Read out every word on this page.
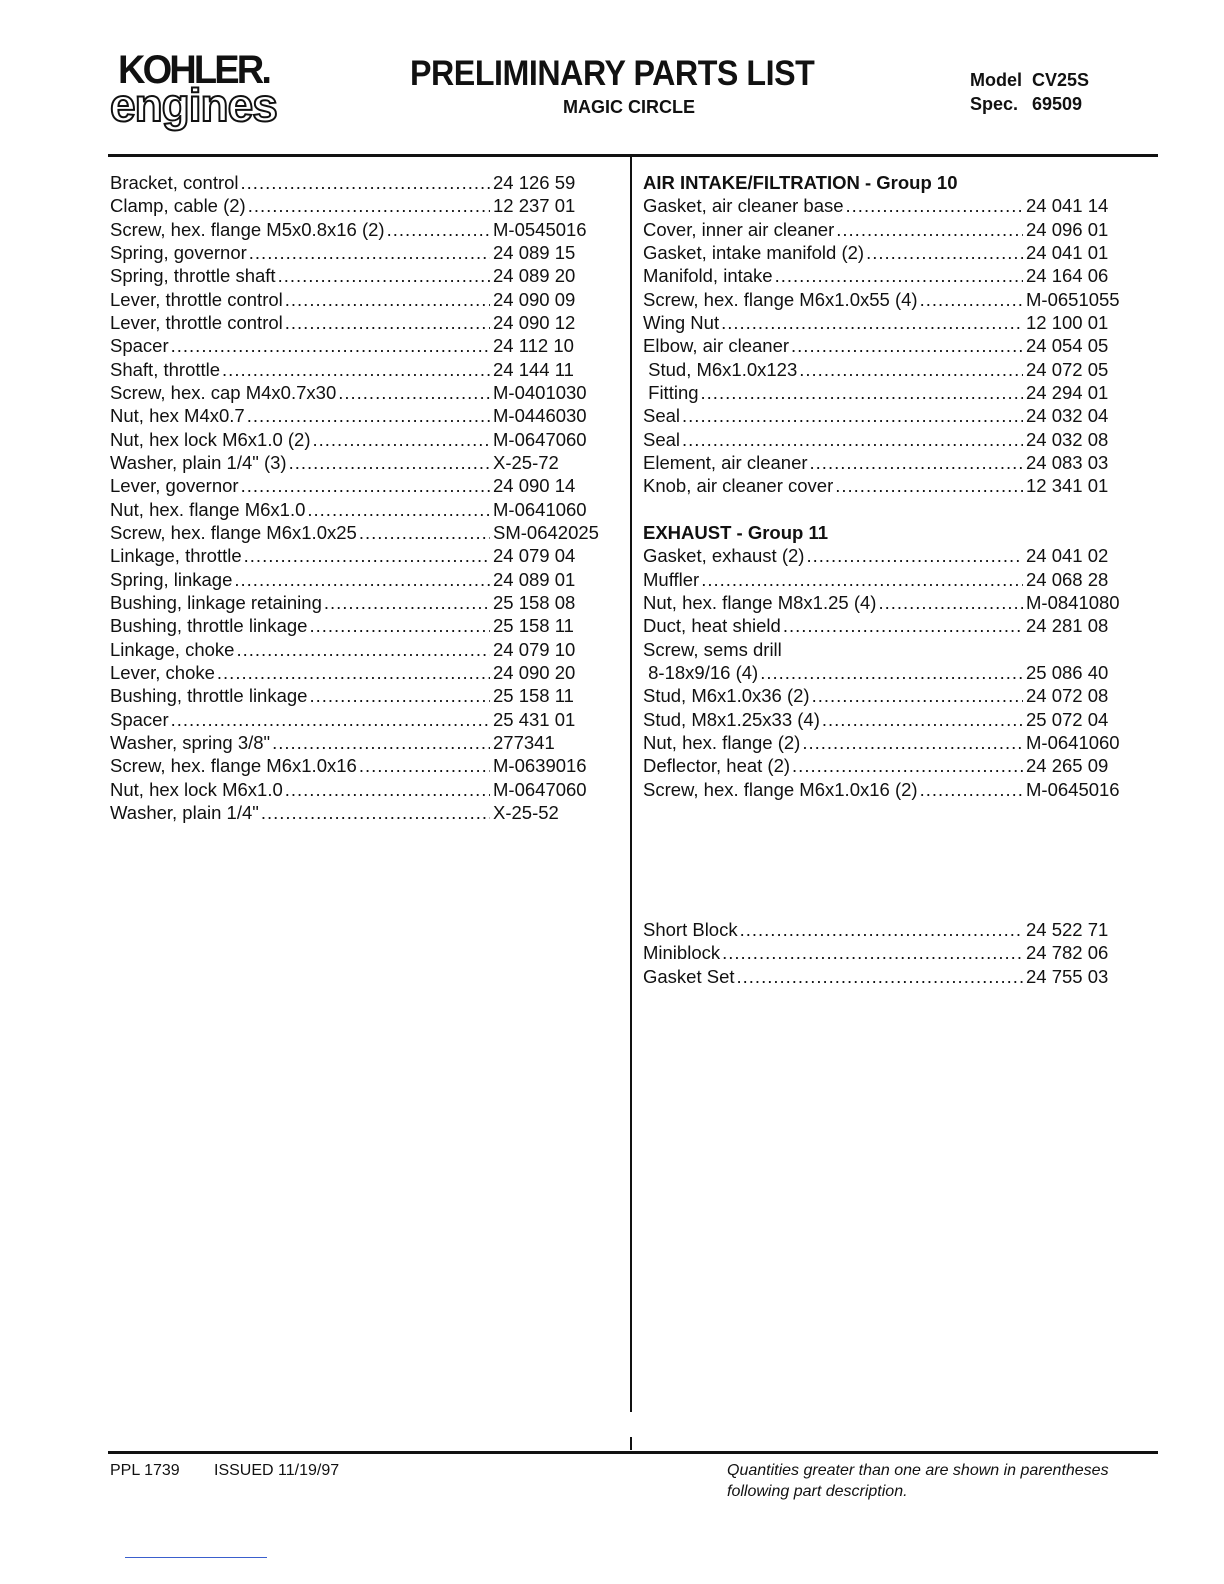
KOHLER.
engines
PRELIMINARY PARTS LIST
MAGIC CIRCLE
Model CV25S
Spec. 69509
Bracket, control .....	24 126 59
Clamp, cable (2) .....	12 237 01
Screw, hex. flange M5x0.8x16 (2) .....	M-0545016
Spring, governor .....	24 089 15
Spring, throttle shaft .....	24 089 20
Lever, throttle control .....	24 090 09
Lever, throttle control .....	24 090 12
Spacer .....	24 112 10
Shaft, throttle .....	24 144 11
Screw, hex. cap M4x0.7x30 .....	M-0401030
Nut, hex M4x0.7 .....	M-0446030
Nut, hex lock M6x1.0 (2) .....	M-0647060
Washer, plain 1/4" (3) .....	X-25-72
Lever, governor .....	24 090 14
Nut, hex. flange M6x1.0 .....	M-0641060
Screw, hex. flange M6x1.0x25 .....	SM-0642025
Linkage, throttle .....	24 079 04
Spring, linkage .....	24 089 01
Bushing, linkage retaining .....	25 158 08
Bushing, throttle linkage .....	25 158 11
Linkage, choke .....	24 079 10
Lever, choke .....	24 090 20
Bushing, throttle linkage .....	25 158 11
Spacer .....	25 431 01
Washer, spring 3/8" .....	277341
Screw, hex. flange M6x1.0x16 .....	M-0639016
Nut, hex lock M6x1.0 .....	M-0647060
Washer, plain 1/4" .....	X-25-52
AIR INTAKE/FILTRATION - Group 10
Gasket, air cleaner base .....	24 041 14
Cover, inner air cleaner .....	24 096 01
Gasket, intake manifold (2) .....	24 041 01
Manifold, intake .....	24 164 06
Screw, hex. flange M6x1.0x55 (4) .....	M-0651055
Wing Nut .....	12 100 01
Elbow, air cleaner .....	24 054 05
Stud, M6x1.0x123 .....	24 072 05
Fitting .....	24 294 01
Seal .....	24 032 04
Seal .....	24 032 08
Element, air cleaner .....	24 083 03
Knob, air cleaner cover .....	12 341 01
EXHAUST - Group 11
Gasket, exhaust (2) .....	24 041 02
Muffler .....	24 068 28
Nut, hex. flange M8x1.25 (4) .....	M-0841080
Duct, heat shield .....	24 281 08
Screw, sems drill
8-18x9/16 (4) .....	25 086 40
Stud, M6x1.0x36 (2) .....	24 072 08
Stud, M8x1.25x33 (4) .....	25 072 04
Nut, hex. flange (2) .....	M-0641060
Deflector, heat (2) .....	24 265 09
Screw, hex. flange M6x1.0x16 (2) .....	M-0645016
Short Block .....	24 522 71
Miniblock .....	24 782 06
Gasket Set .....	24 755 03
PPL 1739 ISSUED 11/19/97	Quantities greater than one are shown in parentheses
following part description.
